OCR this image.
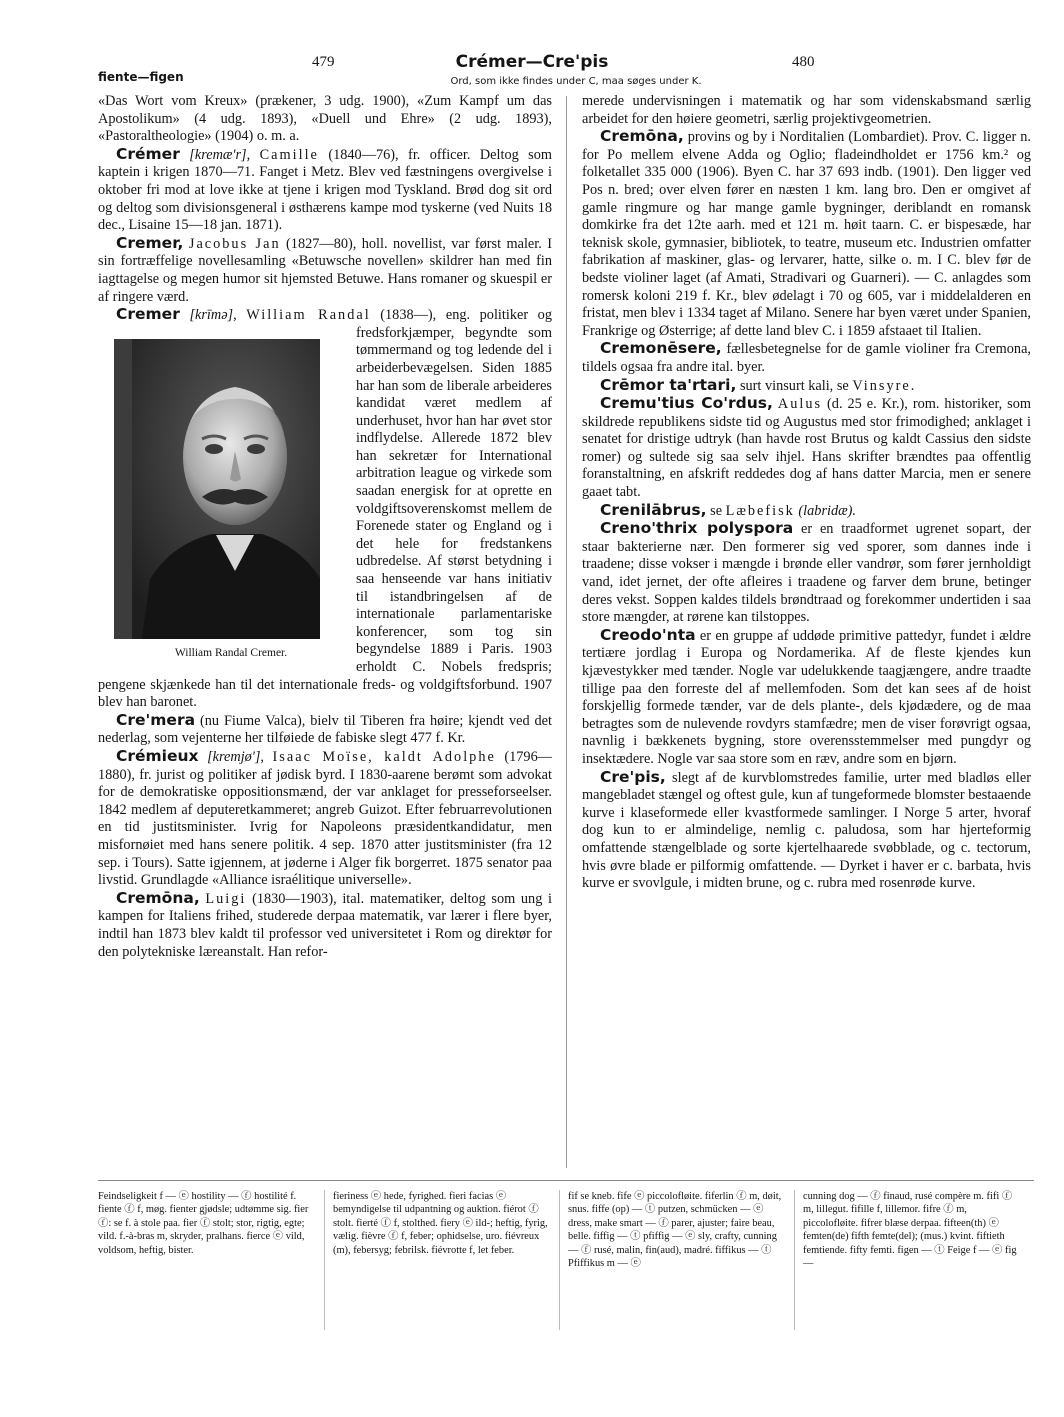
479	Crémer—Cre'pis	480
fiente—figen	Ord, som ikke findes under C, maa søges under K.

«Das Wort vom Kreux» (prækener, 3 udg. 1900), «Zum Kampf um das Apostolikum» (4 udg. 1893), «Duell und Ehre» (2 udg. 1893), «Pastoraltheologie» (1904) o. m. a.

Crémer [kremæ'r], Camille (1840—76), fr. officer. Deltog som kaptein i krigen 1870—71. Fanget i Metz. Blev ved fæstningens overgivelse i oktober fri mod at love ikke at tjene i krigen mod Tyskland. Brød dog sit ord og deltog som divisionsgeneral i østhærens kampe mod tyskerne (ved Nuits 18 dec., Lisaine 15—18 jan. 1871).

Cremer, Jacobus Jan (1827—80), holl. novellist, var først maler. I sin fortræffelige novellesamling «Betuwsche novellen» skildrer han med fin iagttagelse og megen humor sit hjemsted Betuwe. Hans romaner og skuespil er af ringere værd.

Cremer [krīmə], William Randal
William Randal Cremer.
(1838—), eng. politiker og fredsforkjæmper, begyndte som tømmermand og tog ledende del i arbeiderbevægelsen. Siden 1885 har han som de liberale arbeideres kandidat været medlem af underhuset, hvor han har øvet stor indflydelse. Allerede 1872 blev han sekretær for International arbitration league og virkede som saadan energisk for at oprette en voldgiftsoverenskomst mellem de Forenede stater og England og i det hele for fredstankens udbredelse. Af størst betydning i saa henseende var hans initiativ til istandbringelsen af de internationale parlamentariske konferencer, som tog sin begyndelse 1889 i Paris. 1903 erholdt C. Nobels fredspris; pengene skjænkede han til det internationale freds- og voldgiftsforbund. 1907 blev han baronet.

Cre'mera (nu Fiume Valca), bielv til Tiberen fra høire; kjendt ved det nederlag, som vejenterne her tilføiede de fabiske slegt 477 f. Kr.

Crémieux [kremjø'], Isaac Moïse, kaldt Adolphe (1796—1880), fr. jurist og politiker af jødisk byrd. I 1830-aarene berømt som advokat for de demokratiske oppositionsmænd, der var anklaget for presseforseelser. 1842 medlem af deputeretkammeret; angreb Guizot. Efter februarrevolutionen en tid justitsminister. Ivrig for Napoleons præsidentkandidatur, men misfornøiet med hans senere politik. 4 sep. 1870 atter justitsminister (fra 12 sep. i Tours). Satte igjennem, at jøderne i Alger fik borgerret. 1875 senator paa livstid. Grundlagde «Alliance israélitique universelle».

Cremōna, Luigi (1830—1903), ital. matematiker, deltog som ung i kampen for Italiens frihed, studerede derpaa matematik, var lærer i flere byer, indtil han 1873 blev kaldt til professor ved universitetet i Rom og direktør for den polytekniske læreanstalt. Han refor-

merede undervisningen i matematik og har som videnskabsmand særlig arbeidet for den høiere geometri, særlig projektivgeometrien.

Cremōna, provins og by i Norditalien (Lombardiet). Prov. C. ligger n. for Po mellem elvene Adda og Oglio; fladeindholdet er 1756 km.² og folketallet 335 000 (1906). Byen C. har 37 693 indb. (1901). Den ligger ved Pos n. bred; over elven fører en næsten 1 km. lang bro. Den er omgivet af gamle ringmure og har mange gamle bygninger, deriblandt en romansk domkirke fra det 12te aarh. med et 121 m. høit taarn. C. er bispesæde, har teknisk skole, gymnasier, bibliotek, to teatre, museum etc. Industrien omfatter fabrikation af maskiner, glas- og lervarer, hatte, silke o. m. I C. blev før de bedste violiner laget (af Amati, Stradivari og Guarneri). — C. anlagdes som romersk koloni 219 f. Kr., blev ødelagt i 70 og 605, var i middelalderen en fristat, men blev i 1334 taget af Milano. Senere har byen været under Spanien, Frankrige og Østerrige; af dette land blev C. i 1859 afstaaet til Italien.

Cremonēsere, fællesbetegnelse for de gamle violiner fra Cremona, tildels ogsaa fra andre ital. byer.

Crēmor ta'rtari, surt vinsurt kali, se Vinsyre.

Cremu'tius Co'rdus, Aulus (d. 25 e. Kr.), rom. historiker, som skildrede republikens sidste tid og Augustus med stor frimodighed; anklaget i senatet for dristige udtryk (han havde rost Brutus og kaldt Cassius den sidste romer) og sultede sig saa selv ihjel. Hans skrifter brændtes paa offentlig foranstaltning, en afskrift reddedes dog af hans datter Marcia, men er senere gaaet tabt.

Crenilābrus, se Læbefisk (labridæ).

Creno'thrix polyspora er en traadformet ugrenet sopart, der staar bakterierne nær. Den formerer sig ved sporer, som dannes inde i traadene; disse vokser i mængde i brønde eller vandrør, som fører jernholdigt vand, idet jernet, der ofte afleires i traadene og farver dem brune, betinger deres vekst. Soppen kaldes tildels brøndtraad og forekommer undertiden i saa store mængder, at rørene kan tilstoppes.

Creodo'nta er en gruppe af uddøde primitive pattedyr, fundet i ældre tertiære jordlag i Europa og Nordamerika. Af de fleste kjendes kun kjævestykker med tænder. Nogle var udelukkende taagjængere, andre traadte tillige paa den forreste del af mellemfoden. Som det kan sees af de hoist forskjellig formede tænder, var de dels plante-, dels kjødædere, og de maa betragtes som de nulevende rovdyrs stamfædre; men de viser forøvrigt ogsaa, navnlig i bækkenets bygning, store overensstemmelser med pungdyr og insektædere. Nogle var saa store som en ræv, andre som en bjørn.

Cre'pis, slegt af de kurvblomstredes familie, urter med bladløs eller mangebladet stængel og oftest gule, kun af tungeformede blomster bestaaende kurve i klaseformede eller kvastformede samlinger. I Norge 5 arter, hvoraf dog kun to er almindelige, nemlig c. paludosa, som har hjerteformig omfattende stængelblade og sorte kjertelhaarede svøbblade, og c. tectorum, hvis øvre blade er pilformig omfattende. — Dyrket i haver er c. barbata, hvis kurve er svovlgule, i midten brune, og c. rubra med rosenrøde kurve.

Feindseligkeit f — ⓔ hostility — ⓕ hostilité f. fiente ⓕ f, møg. fienter gjødsle; udtømme sig. fier ⓕ: se f. à stole paa. fier ⓕ stolt; stor, rigtig, egte; vild. f.-à-bras m, skryder, pralhans. fierce ⓔ vild, voldsom, heftig, bister.
fieriness ⓔ hede, fyrighed. fieri facias ⓔ bemyndigelse til udpantning og auktion. fiérot ⓕ stolt. fierté ⓕ f, stolthed. fiery ⓔ ild-; heftig, fyrig, vælig. fièvre ⓕ f, feber; ophidselse, uro. fiévreux (m), febersyg; febrilsk. fiévrotte f, let feber.
fif se kneb. fife ⓔ piccolofløite. fiferlin ⓕ m, døit, snus. fiffe (op) — ⓣ putzen, schmücken — ⓔ dress, make smart — ⓕ parer, ajuster; faire beau, belle. fiffig — ⓣ pfiffig — ⓔ sly, crafty, cunning — ⓕ rusé, malin, fin(aud), madré. fiffikus — ⓣ Pfiffikus m — ⓔ
cunning dog — ⓕ finaud, rusé compère m. fifi ⓕ m, lillegut. fifille f, lillemor. fifre ⓕ m, piccolofløite. fifrer blæse derpaa. fifteen(th) ⓔ femten(de) fifth femte(del); (mus.) kvint. fiftieth femtiende. fifty femti. figen — ⓣ Feige f — ⓔ fig —
